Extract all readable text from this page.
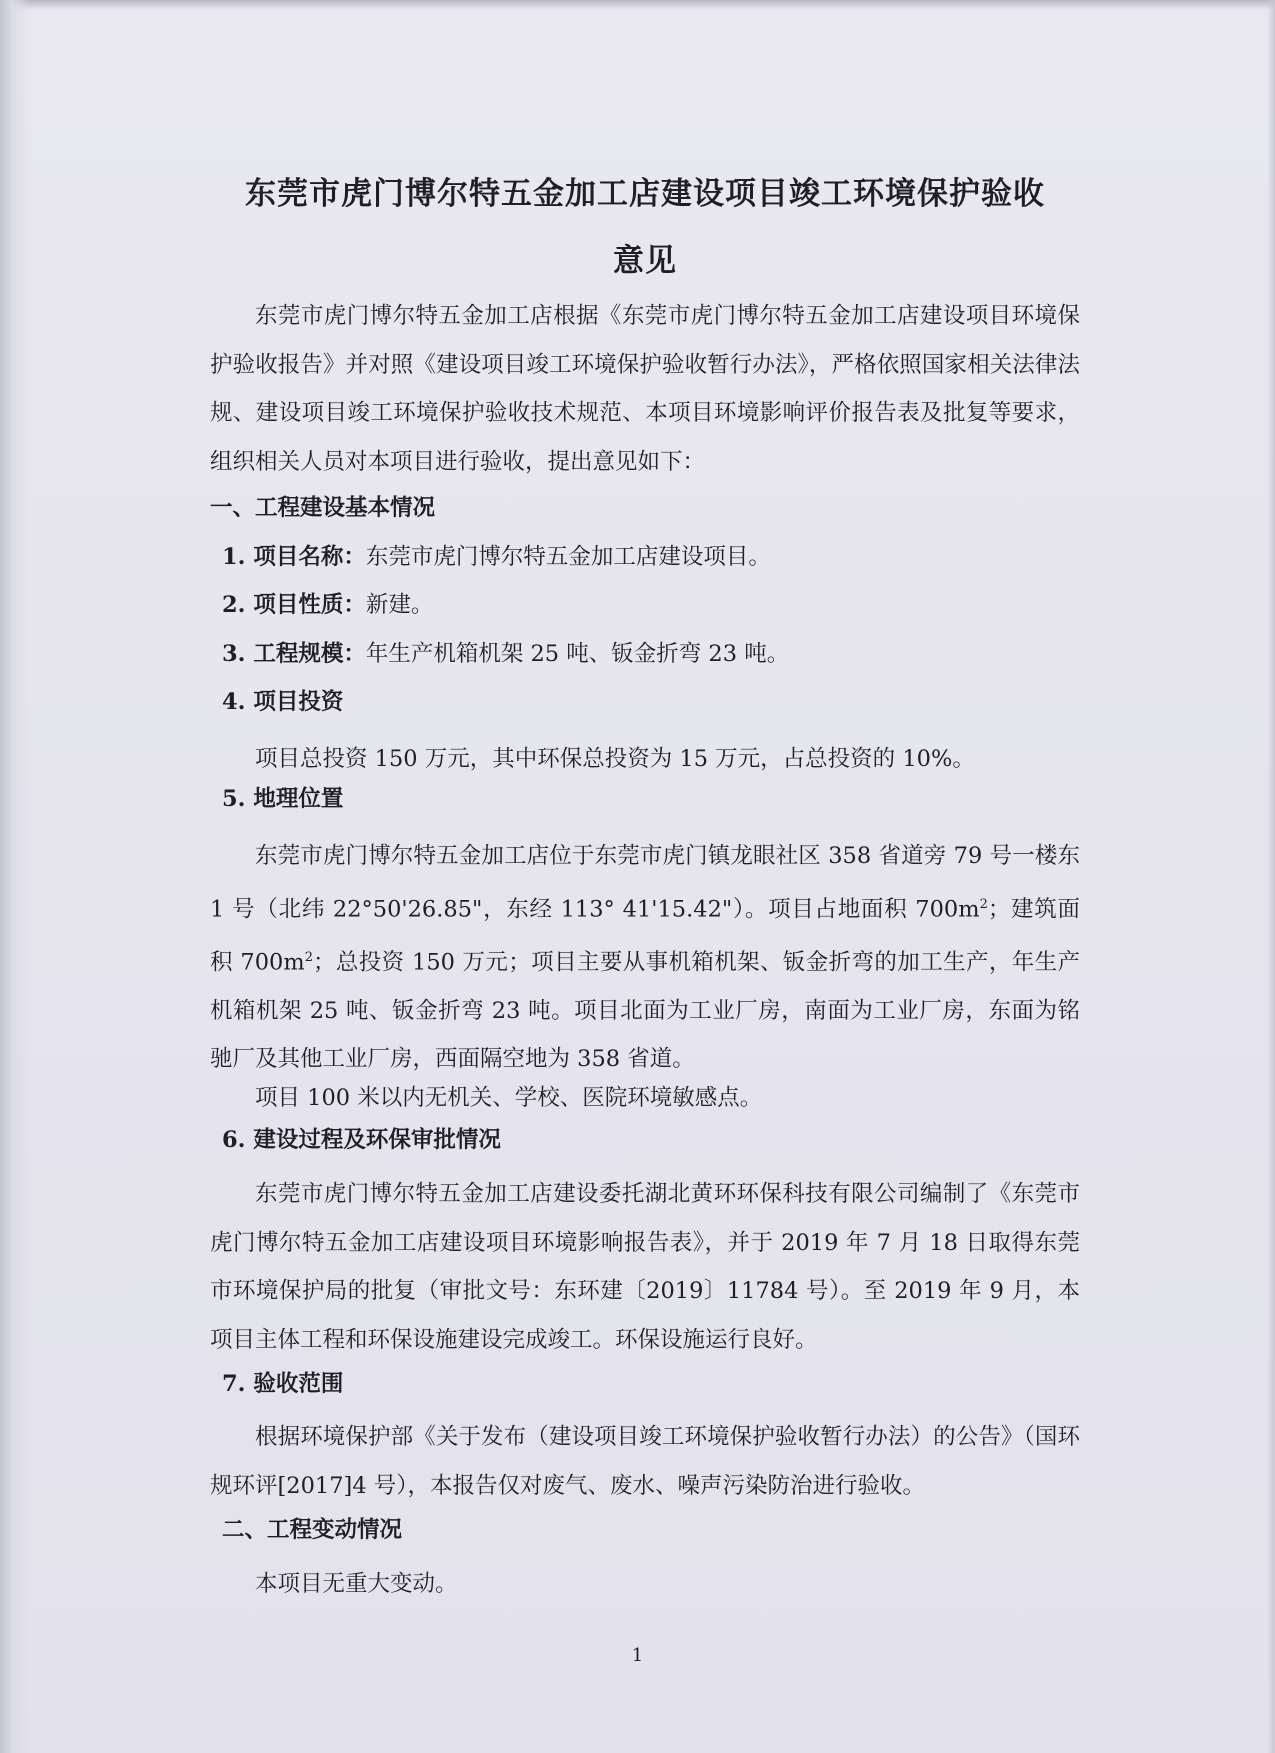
东莞市虎门博尔特五金加工店建设项目竣工环境保护验收
意见

东莞市虎门博尔特五金加工店根据《东莞市虎门博尔特五金加工店建设项目环境保护验收报告》并对照《建设项目竣工环境保护验收暂行办法》，严格依照国家相关法律法规、建设项目竣工环境保护验收技术规范、本项目环境影响评价报告表及批复等要求，组织相关人员对本项目进行验收，提出意见如下：

一、工程建设基本情况

1. 项目名称：东莞市虎门博尔特五金加工店建设项目。

2. 项目性质：新建。

3. 工程规模：年生产机箱机架 25 吨、钣金折弯 23 吨。

4. 项目投资

项目总投资 150 万元，其中环保总投资为 15 万元，占总投资的 10%。

5. 地理位置

东莞市虎门博尔特五金加工店位于东莞市虎门镇龙眼社区 358 省道旁 79 号一楼东 1 号（北纬 22°50'26.85"，东经 113° 41'15.42"）。项目占地面积 $700m^2$；建筑面积 $700m^2$；总投资 150 万元；项目主要从事机箱机架、钣金折弯的加工生产，年生产机箱机架 25 吨、钣金折弯 23 吨。项目北面为工业厂房，南面为工业厂房，东面为铭驰厂及其他工业厂房，西面隔空地为 358 省道。

项目 100 米以内无机关、学校、医院环境敏感点。

6. 建设过程及环保审批情况

东莞市虎门博尔特五金加工店建设委托湖北黄环环保科技有限公司编制了《东莞市虎门博尔特五金加工店建设项目环境影响报告表》，并于 2019 年 7 月 18 日取得东莞市环境保护局的批复（审批文号：东环建〔2019〕11784 号）。至 2019 年 9 月，本项目主体工程和环保设施建设完成竣工。环保设施运行良好。

7. 验收范围

根据环境保护部《关于发布（建设项目竣工环境保护验收暂行办法）的公告》（国环规环评[2017]4 号），本报告仅对废气、废水、噪声污染防治进行验收。

二、工程变动情况

本项目无重大变动。

1
